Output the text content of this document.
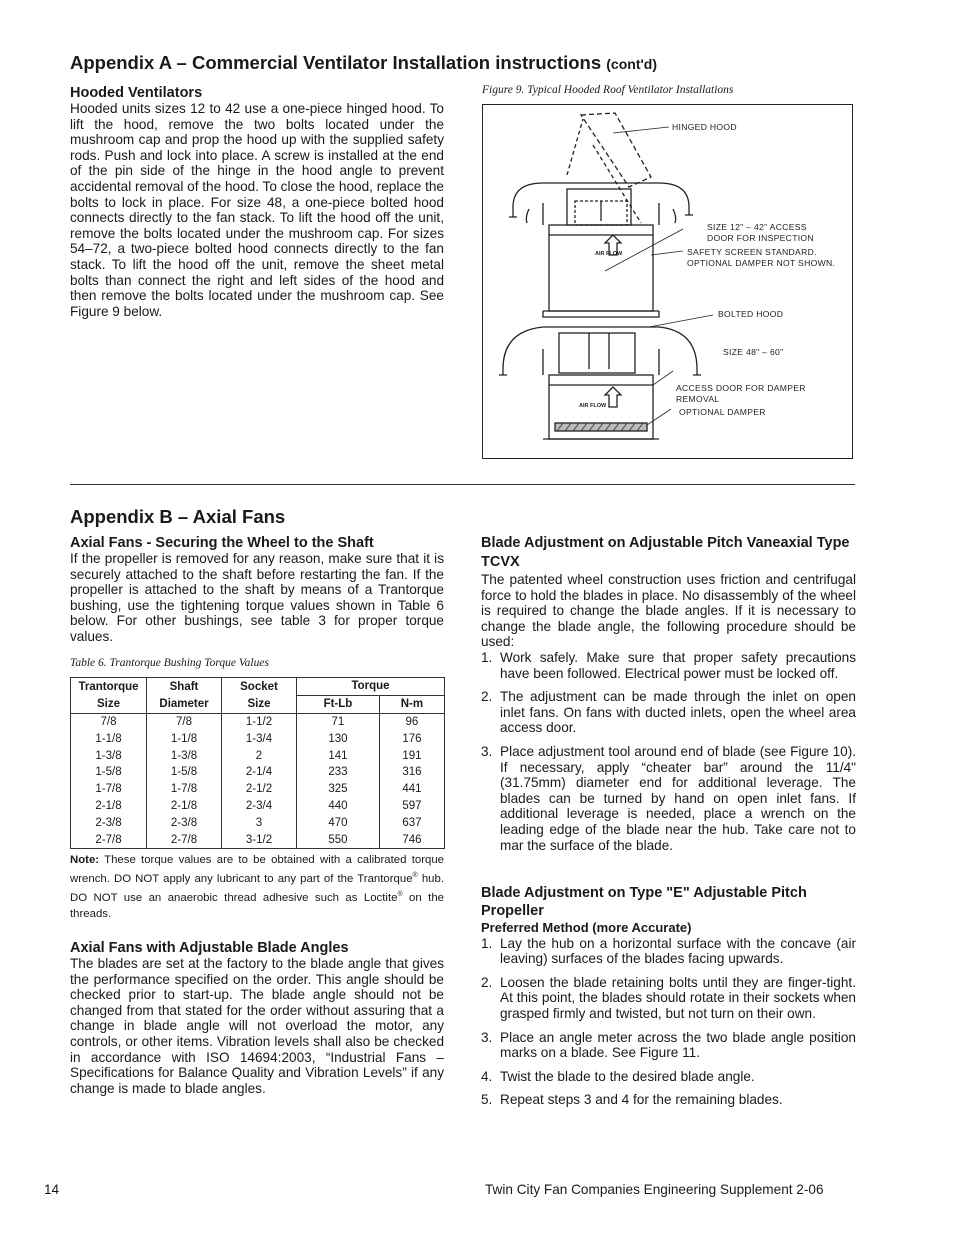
Appendix A – Commercial Ventilator Installation instructions (cont'd)

Hooded Ventilators

Hooded units sizes 12 to 42 use a one-piece hinged hood. To lift the hood, remove the two bolts located under the mushroom cap and prop the hood up with the supplied safety rods. Push and lock into place. A screw is installed at the end of the pin side of the hinge in the hood angle to prevent accidental removal of the hood. To close the hood, replace the bolts to lock in place. For size 48, a one-piece bolted hood connects directly to the fan stack. To lift the hood off the unit, remove the bolts located under the mushroom cap. For sizes 54–72, a two-piece bolted hood connects directly to the fan stack. To lift the hood off the unit, remove the sheet metal bolts than connect the right and left sides of the hood and then remove the bolts located under the mushroom cap. See Figure 9 below.

Figure 9. Typical Hooded Roof Ventilator Installations
AIR FLOW
AIR FLOW
HINGED HOOD
SIZE 12" – 42" ACCESS
DOOR FOR INSPECTION
SAFETY SCREEN STANDARD.
OPTIONAL DAMPER NOT SHOWN.
BOLTED HOOD
SIZE 48" – 60"
ACCESS DOOR FOR DAMPER
REMOVAL
OPTIONAL DAMPER
Appendix B – Axial Fans

Axial Fans - Securing the Wheel to the Shaft

If the propeller is removed for any reason, make sure that it is securely attached to the shaft before restarting the fan. If the propeller is attached to the shaft by means of a Trantorque bushing, use the tightening torque values shown in Table 6 below. For other bushings, see table 3 for proper torque values.

Table 6. Trantorque Bushing Torque Values
Trantorque	Shaft	Socket	Torque	
Size	Diameter	Size	Ft-Lb	N-m
7/8	7/8	1-1/2	71	96
1-1/8	1-1/8	1-3/4	130	176
1-3/8	1-3/8	2	141	191
1-5/8	1-5/8	2-1/4	233	316
1-7/8	1-7/8	2-1/2	325	441
2-1/8	2-1/8	2-3/4	440	597
2-3/8	2-3/8	3	470	637
2-7/8	2-7/8	3-1/2	550	746

Note: These torque values are to be obtained with a calibrated torque wrench. DO NOT apply any lubricant to any part of the Trantorque® hub. DO NOT use an anaerobic thread adhesive such as Loctite® on the threads.

Axial Fans with Adjustable Blade Angles

The blades are set at the factory to the blade angle that gives the performance specified on the order. This angle should be checked prior to start-up. The blade angle should not be changed from that stated for the order without assuring that a change in blade angle will not overload the motor, any controls, or other items. Vibration levels shall also be checked in accordance with ISO 14694:2003, “Industrial Fans – Specifications for Balance Quality and Vibration Levels” if any change is made to blade angles.

Blade Adjustment on Adjustable Pitch Vaneaxial Type TCVX

The patented wheel construction uses friction and centrifugal force to hold the blades in place. No disassembly of the wheel is required to change the blade angles. If it is necessary to change the blade angle, the following procedure should be used:

1. Work safely. Make sure that proper safety precautions have been followed. Electrical power must be locked off.
2. The adjustment can be made through the inlet on open inlet fans. On fans with ducted inlets, open the wheel area access door.
3. Place adjustment tool around end of blade (see Figure 10). If necessary, apply “cheater bar” around the 11/4" (31.75mm) diameter end for additional leverage. The blades can be turned by hand on open inlet fans. If additional leverage is needed, place a wrench on the leading edge of the blade near the hub. Take care not to mar the surface of the blade.

Blade Adjustment on Type "E" Adjustable Pitch Propeller

Preferred Method (more Accurate)

1. Lay the hub on a horizontal surface with the concave (air leaving) surfaces of the blades facing upwards.
2. Loosen the blade retaining bolts until they are finger-tight. At this point, the blades should rotate in their sockets when grasped firmly and twisted, but not turn on their own.
3. Place an angle meter across the two blade angle position marks on a blade. See Figure 11.
4. Twist the blade to the desired blade angle.
5. Repeat steps 3 and 4 for the remaining blades.
14	Twin City Fan Companies Engineering Supplement 2-06
